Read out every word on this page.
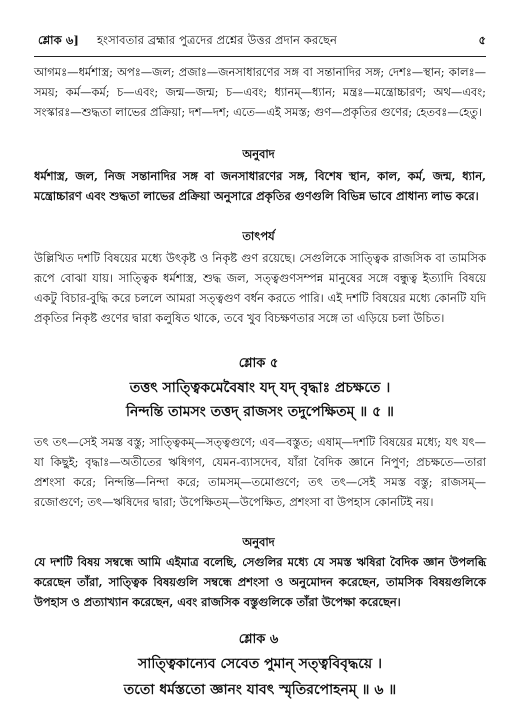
শ্লোক ৬]	হংসাবতার ব্রহ্মার পুত্রদের প্রশ্নের উত্তর প্রদান করছেন	৫
আগমঃ—ধর্মশাস্ত্র; অপঃ—জল; প্রজাঃ—জনসাধারণের সঙ্গ বা সন্তানাদির সঙ্গ; দেশঃ—স্থান; কালঃ—সময়; কর্ম—কর্ম; চ—এবং; জন্ম—জন্ম; চ—এবং; ধ্যানম্—ধ্যান; মন্ত্রঃ—মন্ত্রোচ্চারণ; অথ—এবং; সংস্কারঃ—শুদ্ধতা লাভের প্রক্রিয়া; দশ—দশ; এতে—এই সমস্ত; গুণ—প্রকৃতির গুণের; হেতবঃ—হেতু।
অনুবাদ
ধর্মশাস্ত্র, জল, নিজ সন্তানাদির সঙ্গ বা জনসাধারণের সঙ্গ, বিশেষ স্থান, কাল, কর্ম, জন্ম, ধ্যান, মন্ত্রোচ্চারণ এবং শুদ্ধতা লাভের প্রক্রিয়া অনুসারে প্রকৃতির গুণগুলি বিভিন্ন ভাবে প্রাধান্য লাভ করে।
তাৎপর্য
উল্লিখিত দশটি বিষয়ের মধ্যে উৎকৃষ্ট ও নিকৃষ্ট গুণ রয়েছে। সেগুলিকে সাত্ত্বিক রাজসিক বা তামসিক রূপে বোঝা যায়। সাত্ত্বিক ধর্মশাস্ত্র, শুদ্ধ জল, সত্ত্বগুণসম্পন্ন মানুষের সঙ্গে বন্ধুত্ব ইত্যাদি বিষয়ে একটু বিচার-বুদ্ধি করে চললে আমরা সত্ত্বগুণ বর্ধন করতে পারি। এই দশটি বিষয়ের মধ্যে কোনটি যদি প্রকৃতির নিকৃষ্ট গুণের দ্বারা কলুষিত থাকে, তবে খুব বিচক্ষণতার সঙ্গে তা এড়িয়ে চলা উচিত।
শ্লোক ৫
তত্তৎ সাত্ত্বিকমেবৈষাং যদ্ যদ্ বৃদ্ধাঃ প্রচক্ষতে ।
নিন্দন্তি তামসং তত্তদ্ রাজসং তদুপেক্ষিতম্ ॥ ৫ ॥
তৎ তৎ—সেই সমস্ত বস্তু; সাত্ত্বিকম্—সত্ত্বগুণে; এব—বস্তুত; এষাম্—দশটি বিষয়ের মধ্যে; যৎ যৎ—যা কিছুই; বৃদ্ধাঃ—অতীতের ঋষিগণ, যেমন-ব্যাসদেব, যাঁরা বৈদিক জ্ঞানে নিপুণ; প্রচক্ষতে—তারা প্রশংসা করে; নিন্দন্তি—নিন্দা করে; তামসম্—তমোগুণে; তৎ তৎ—সেই সমস্ত বস্তু; রাজসম্—রজোগুণে; তৎ—ঋষিদের দ্বারা; উপেক্ষিতম্—উপেক্ষিত, প্রশংসা বা উপহাস কোনটিই নয়।
অনুবাদ
যে দশটি বিষয় সম্বন্ধে আমি এইমাত্র বলেছি, সেগুলির মধ্যে যে সমস্ত ঋষিরা বৈদিক জ্ঞান উপলব্ধি করেছেন তাঁরা, সাত্ত্বিক বিষয়গুলি সম্বন্ধে প্রশংসা ও অনুমোদন করেছেন, তামসিক বিষয়গুলিকে উপহাস ও প্রত্যাখ্যান করেছেন, এবং রাজসিক বস্তুগুলিকে তাঁরা উপেক্ষা করেছেন।
শ্লোক ৬
সাত্ত্বিকান্যেব সেবেত পুমান্ সত্ত্ববিবৃদ্ধয়ে ।
ততো ধর্মস্ততো জ্ঞানং যাবৎ স্মৃতিরপোহনম্ ॥ ৬ ॥
